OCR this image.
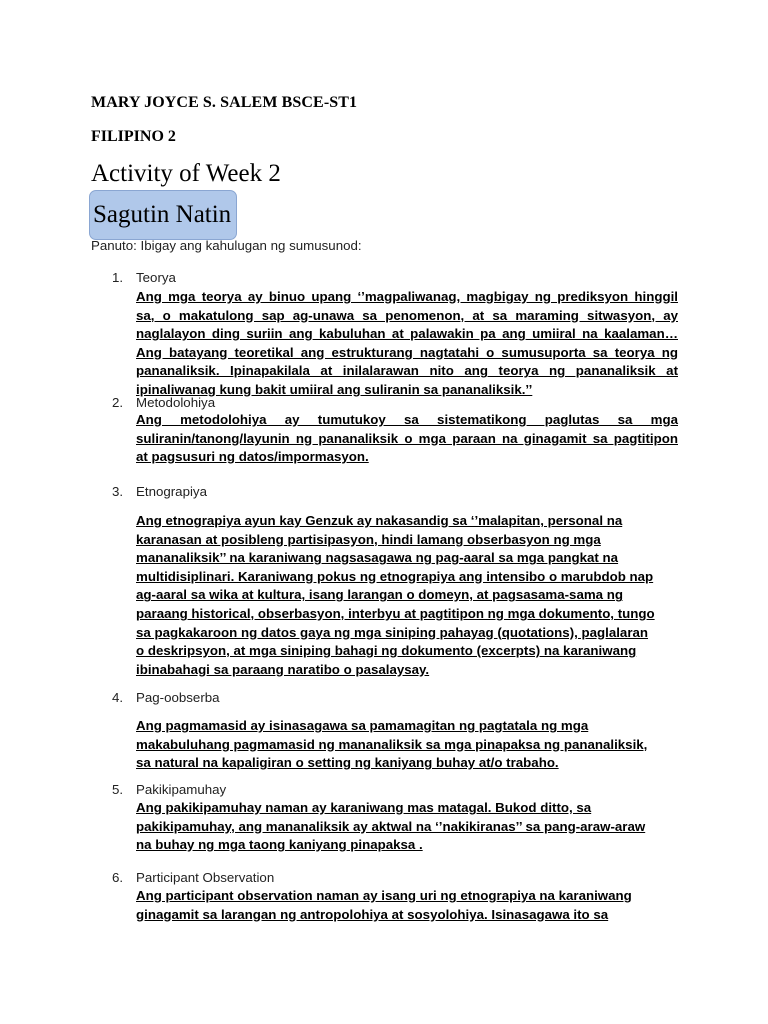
MARY JOYCE S. SALEM BSCE-ST1
FILIPINO 2
Activity of Week 2
Sagutin Natin
Panuto: Ibigay ang kahulugan ng sumusunod:
1. Teorya

Ang mga teorya ay binuo upang ‘’magpaliwanag, magbigay ng prediksyon hinggil
sa, o makatulong sap ag-unawa sa penomenon, at sa maraming sitwasyon, ay
naglalayon ding suriin ang kabuluhan at palawakin pa ang umiiral na kaalaman…
Ang batayang teoretikal ang estrukturang nagtatahi o sumusuporta sa teorya ng
pananaliksik. Ipinapakilala at inilalarawan nito ang teorya ng pananaliksik at
ipinaliwanag kung bakit umiiral ang suliranin sa pananaliksik.’’

2. Metodolohiya

Ang metodolohiya ay tumutukoy sa sistematikong paglutas sa mga
suliranin/tanong/layunin ng pananaliksik o mga paraan na ginagamit sa pagtitipon
at pagsusuri ng datos/impormasyon.

3. Etnograpiya

Ang etnograpiya ayun kay Genzuk ay nakasandig sa ‘’malapitan, personal na
karanasan at posibleng partisipasyon, hindi lamang obserbasyon ng mga
mananaliksik’’ na karaniwang nagsasagawa ng pag-aaral sa mga pangkat na
multidisiplinari. Karaniwang pokus ng etnograpiya ang intensibo o marubdob nap
ag-aaral sa wika at kultura, isang larangan o domeyn, at pagsasama-sama ng
paraang historical, obserbasyon, interbyu at pagtitipon ng mga dokumento, tungo
sa pagkakaroon ng datos gaya ng mga siniping pahayag (quotations), paglalaran
o deskripsyon, at mga siniping bahagi ng dokumento (excerpts) na karaniwang
ibinabahagi sa paraang naratibo o pasalaysay.

4. Pag-oobserba

Ang pagmamasid ay isinasagawa sa pamamagitan ng pagtatala ng mga
makabuluhang pagmamasid ng mananaliksik sa mga pinapaksa ng pananaliksik,
sa natural na kapaligiran o setting ng kaniyang buhay at/o trabaho.

5. Pakikipamuhay

Ang pakikipamuhay naman ay karaniwang mas matagal. Bukod ditto, sa
pakikipamuhay, ang mananaliksik ay aktwal na ‘’nakikiranas’’ sa pang-araw-araw
na buhay ng mga taong kaniyang pinapaksa .

6. Participant Observation

Ang participant observation naman ay isang uri ng etnograpiya na karaniwang
ginagamit sa larangan ng antropolohiya at sosyolohiya. Isinasagawa ito sa
